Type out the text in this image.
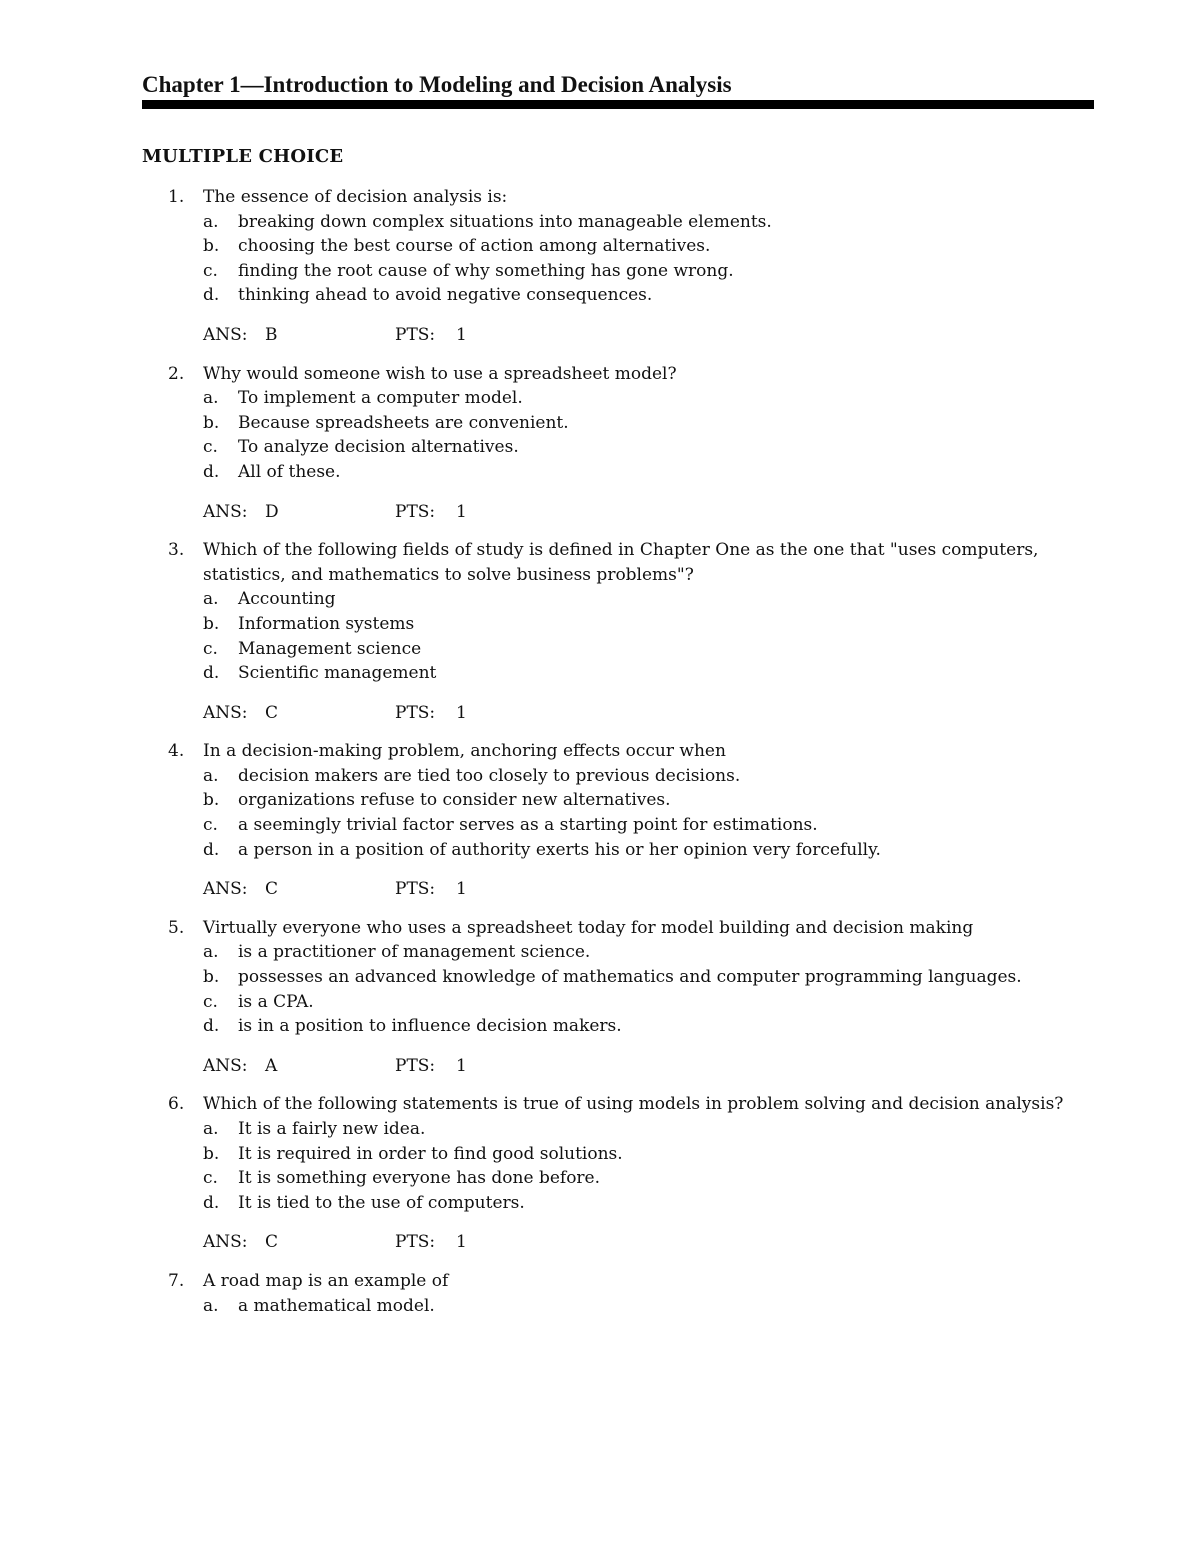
Chapter 1—Introduction to Modeling and Decision Analysis
MULTIPLE CHOICE
1. The essence of decision analysis is:
a. breaking down complex situations into manageable elements.
b. choosing the best course of action among alternatives.
c. finding the root cause of why something has gone wrong.
d. thinking ahead to avoid negative consequences.
ANS: B	PTS: 1
2. Why would someone wish to use a spreadsheet model?
a. To implement a computer model.
b. Because spreadsheets are convenient.
c. To analyze decision alternatives.
d. All of these.
ANS: D	PTS: 1
3. Which of the following fields of study is defined in Chapter One as the one that "uses computers, statistics, and mathematics to solve business problems"?
a. Accounting
b. Information systems
c. Management science
d. Scientific management
ANS: C	PTS: 1
4. In a decision-making problem, anchoring effects occur when
a. decision makers are tied too closely to previous decisions.
b. organizations refuse to consider new alternatives.
c. a seemingly trivial factor serves as a starting point for estimations.
d. a person in a position of authority exerts his or her opinion very forcefully.
ANS: C	PTS: 1
5. Virtually everyone who uses a spreadsheet today for model building and decision making
a. is a practitioner of management science.
b. possesses an advanced knowledge of mathematics and computer programming languages.
c. is a CPA.
d. is in a position to influence decision makers.
ANS: A	PTS: 1
6. Which of the following statements is true of using models in problem solving and decision analysis?
a. It is a fairly new idea.
b. It is required in order to find good solutions.
c. It is something everyone has done before.
d. It is tied to the use of computers.
ANS: C	PTS: 1
7. A road map is an example of
a. a mathematical model.
